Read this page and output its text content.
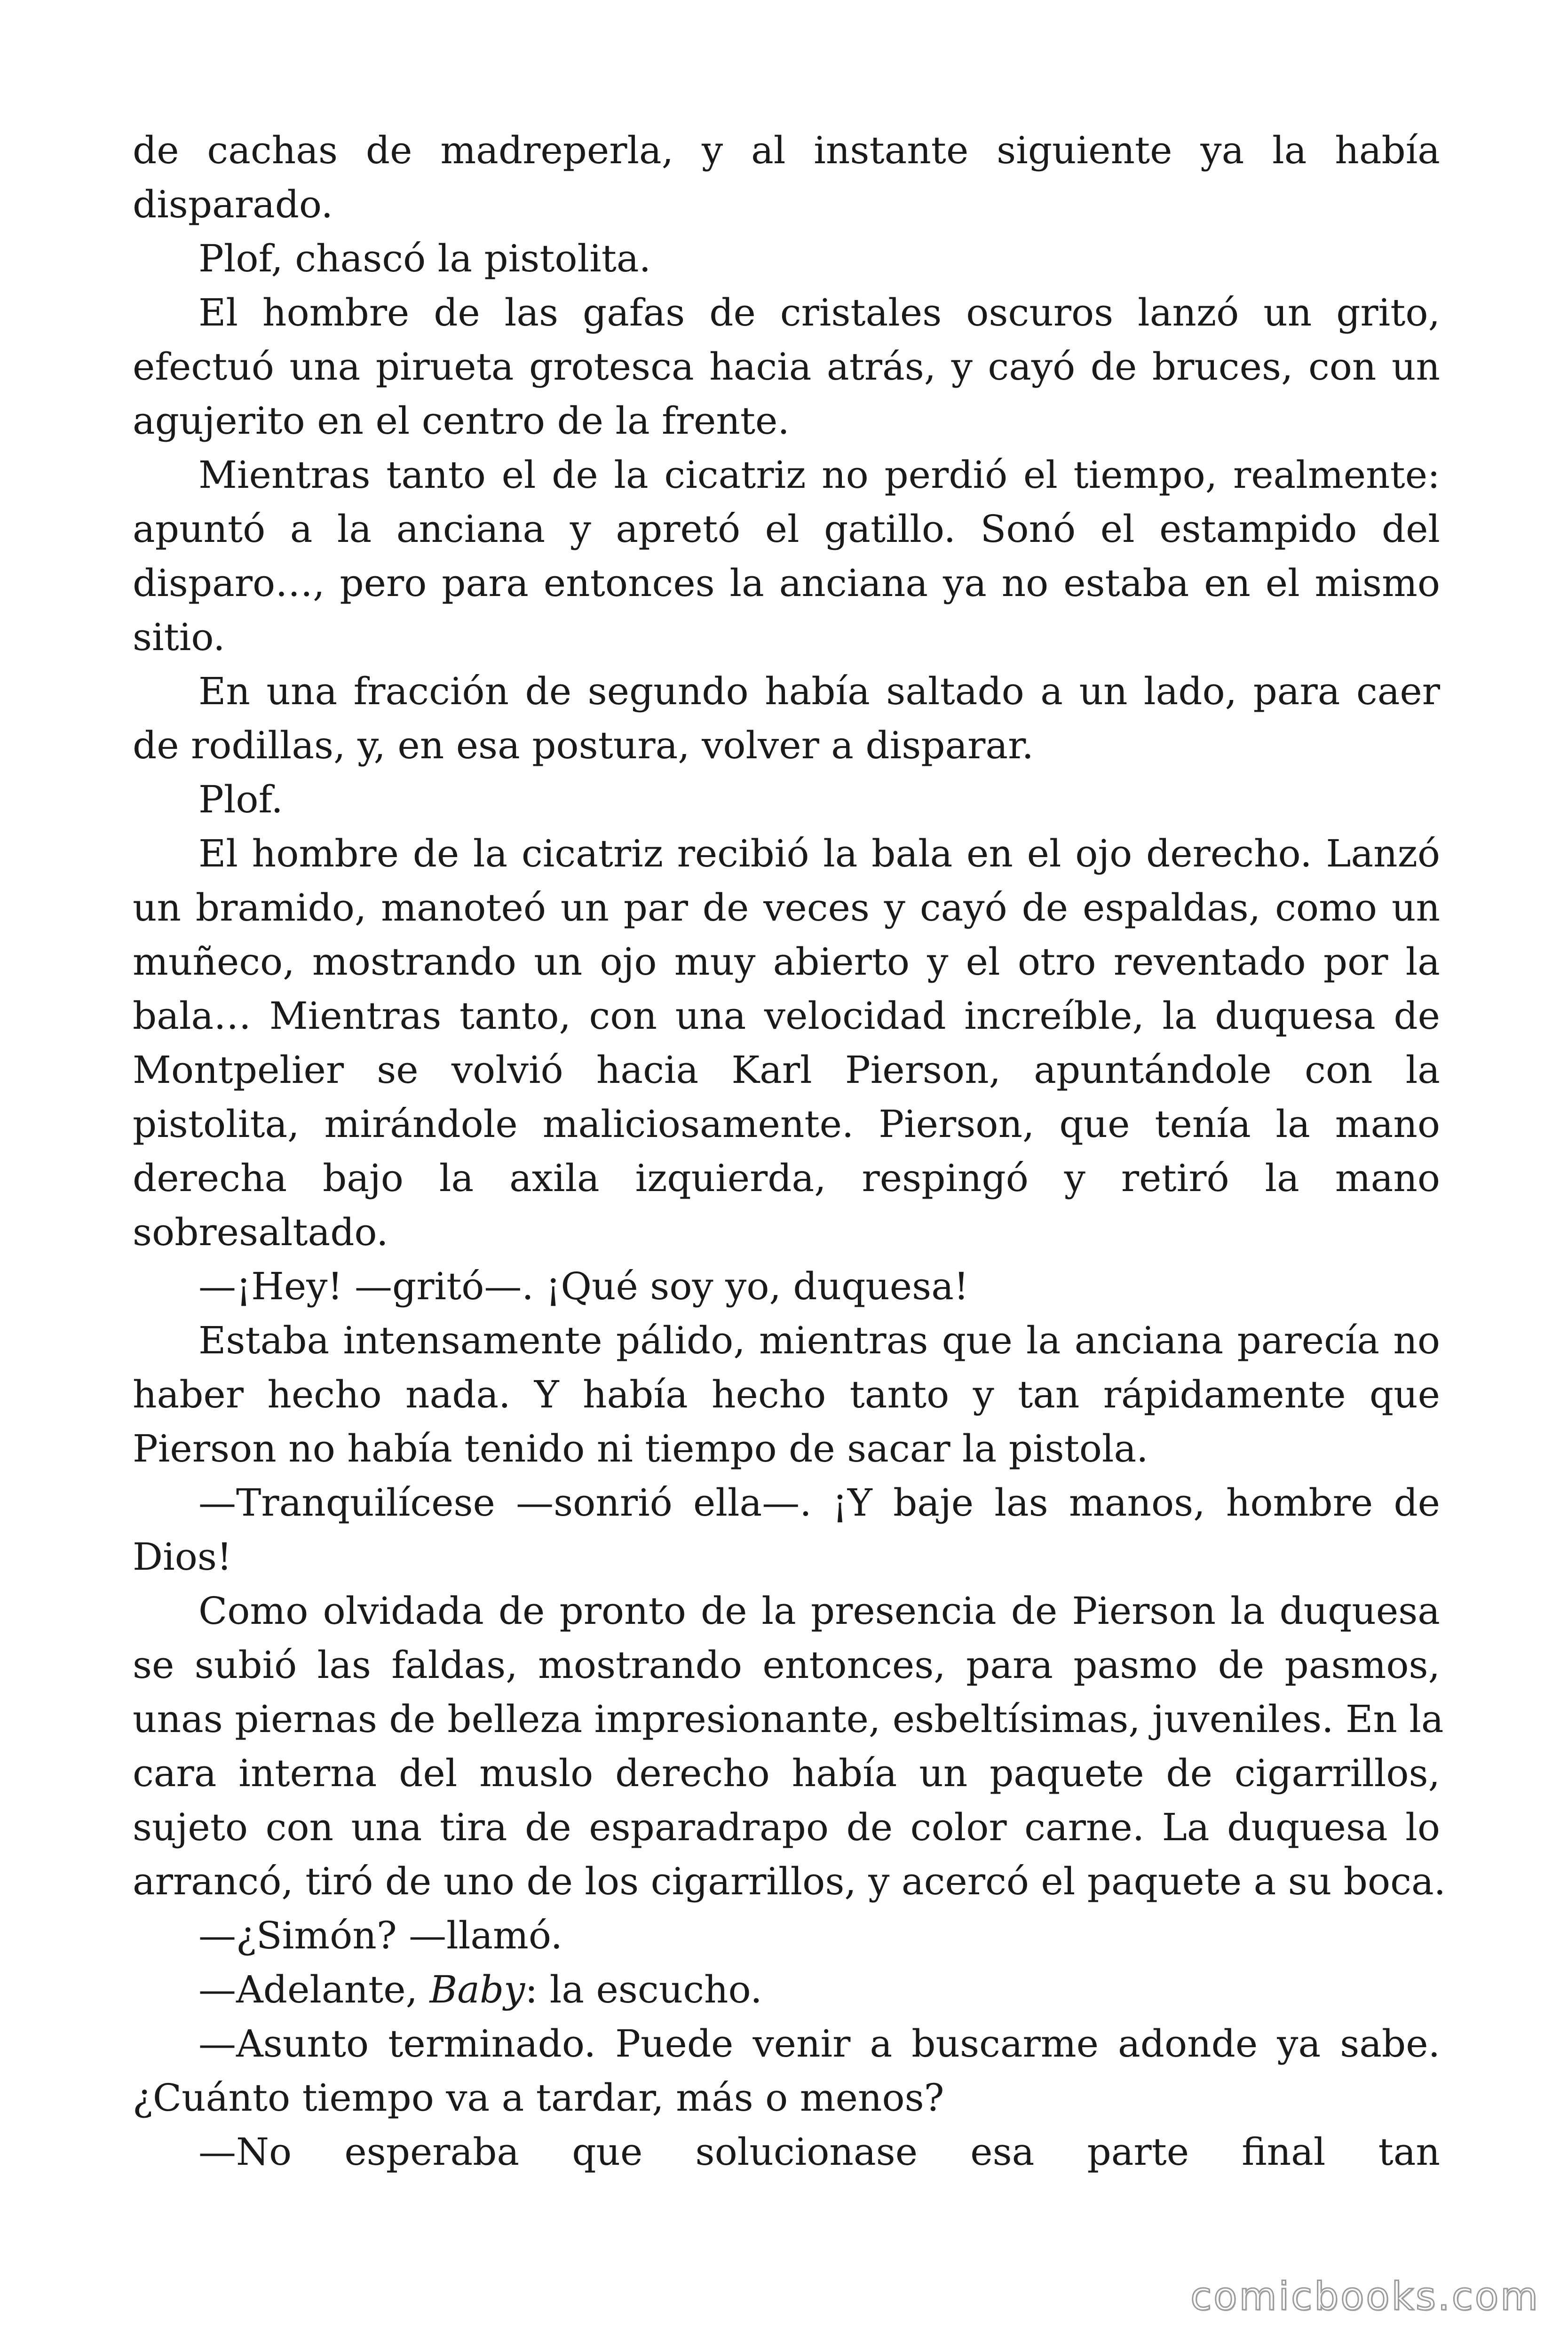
de cachas de madreperla, y al instante siguiente ya la había
disparado.
Plof, chascó la pistolita.
El hombre de las gafas de cristales oscuros lanzó un grito,
efectuó una pirueta grotesca hacia atrás, y cayó de bruces, con un
agujerito en el centro de la frente.
Mientras tanto el de la cicatriz no perdió el tiempo, realmente:
apuntó a la anciana y apretó el gatillo. Sonó el estampido del
disparo…, pero para entonces la anciana ya no estaba en el mismo
sitio.
En una fracción de segundo había saltado a un lado, para caer
de rodillas, y, en esa postura, volver a disparar.
Plof.
El hombre de la cicatriz recibió la bala en el ojo derecho. Lanzó
un bramido, manoteó un par de veces y cayó de espaldas, como un
muñeco, mostrando un ojo muy abierto y el otro reventado por la
bala… Mientras tanto, con una velocidad increíble, la duquesa de
Montpelier se volvió hacia Karl Pierson, apuntándole con la
pistolita, mirándole maliciosamente. Pierson, que tenía la mano
derecha bajo la axila izquierda, respingó y retiró la mano
sobresaltado.
—¡Hey! —gritó—. ¡Qué soy yo, duquesa!
Estaba intensamente pálido, mientras que la anciana parecía no
haber hecho nada. Y había hecho tanto y tan rápidamente que
Pierson no había tenido ni tiempo de sacar la pistola.
—Tranquilícese —sonrió ella—. ¡Y baje las manos, hombre de
Dios!
Como olvidada de pronto de la presencia de Pierson la duquesa
se subió las faldas, mostrando entonces, para pasmo de pasmos,
unas piernas de belleza impresionante, esbeltísimas, juveniles. En la
cara interna del muslo derecho había un paquete de cigarrillos,
sujeto con una tira de esparadrapo de color carne. La duquesa lo
arrancó, tiró de uno de los cigarrillos, y acercó el paquete a su boca.
—¿Simón? —llamó.
—Adelante, Baby: la escucho.
—Asunto terminado. Puede venir a buscarme adonde ya sabe.
¿Cuánto tiempo va a tardar, más o menos?
—No esperaba que solucionase esa parte final tan
comicbooks.com
